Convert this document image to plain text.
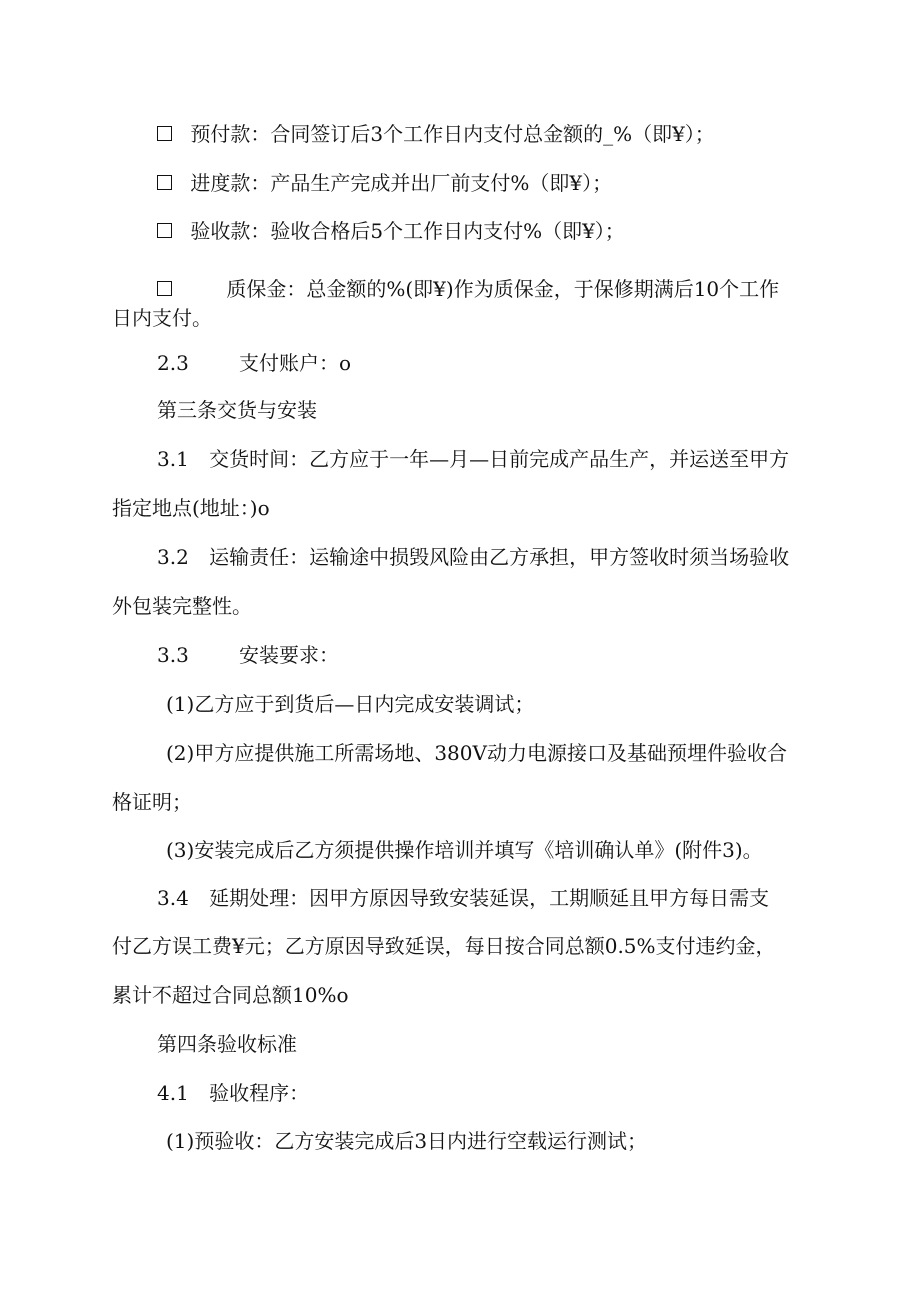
预付款：合同签订后3个工作日内支付总金额的_%（即¥）；
进度款：产品生产完成并出厂前支付%（即¥）；
验收款：验收合格后5个工作日内支付%（即¥）；
质保金：总金额的%(即¥)作为质保金，于保修期满后10个工作
日内支付。
2.3	支付账户：o
第三条交货与安装
3.1 交货时间：乙方应于一年—月—日前完成产品生产，并运送至甲方
指定地点(地址：)o
3.2 运输责任：运输途中损毁风险由乙方承担，甲方签收时须当场验收
外包装完整性。
3.3	安装要求：
(1)乙方应于到货后—日内完成安装调试；
(2)甲方应提供施工所需场地、380V动力电源接口及基础预埋件验收合
格证明；
(3)安装完成后乙方须提供操作培训并填写《培训确认单》(附件3)。
3.4 延期处理：因甲方原因导致安装延误，工期顺延且甲方每日需支
付乙方误工费¥元；乙方原因导致延误，每日按合同总额0.5%支付违约金，
累计不超过合同总额10%o
第四条验收标准
4.1 验收程序：
(1)预验收：乙方安装完成后3日内进行空载运行测试；
